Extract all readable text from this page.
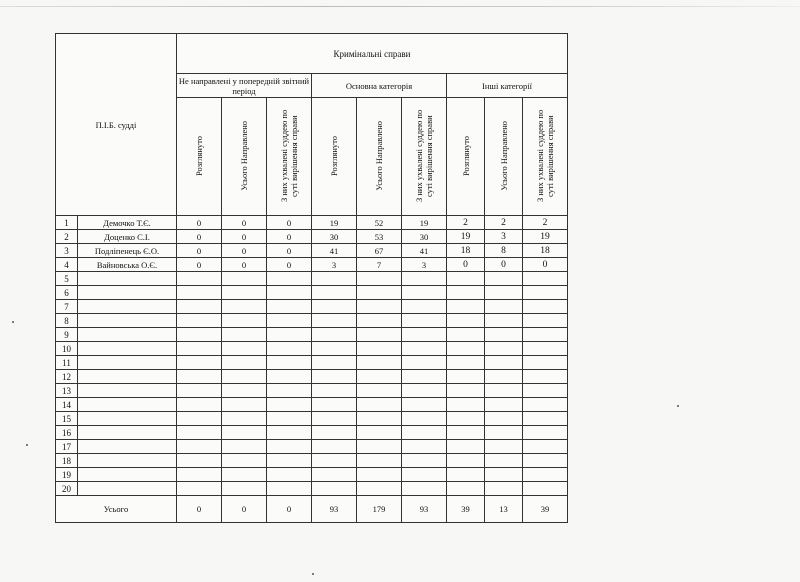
П.І.Б. судді		Кримінальні справи								
		Не направлені у попередній звітний період			Основна категорія			Інші категорії		
		Розглянуто	Усього Направлено	З них ухвалені суддею по суті вирішення справи	Розглянуто	Усього Направлено	З них ухвалені суддею по суті вирішення справи	Розглянуто	Усього Направлено	З них ухвалені суддею по суті вирішення справи
1	Демочко Т.Є.	0	0	0	19	52	19	2	2	2
2	Доценко С.І.	0	0	0	30	53	30	19	3	19
3	Подліпенець Є.О.	0	0	0	41	67	41	18	8	18
4	Вайновська О.Є.	0	0	0	3	7	3	0	0	0
5										
6										
7										
8										
9										
10										
11										
12										
13										
14										
15										
16										
17										
18										
19										
20										
Усього		0	0	0	93	179	93	39	13	39
